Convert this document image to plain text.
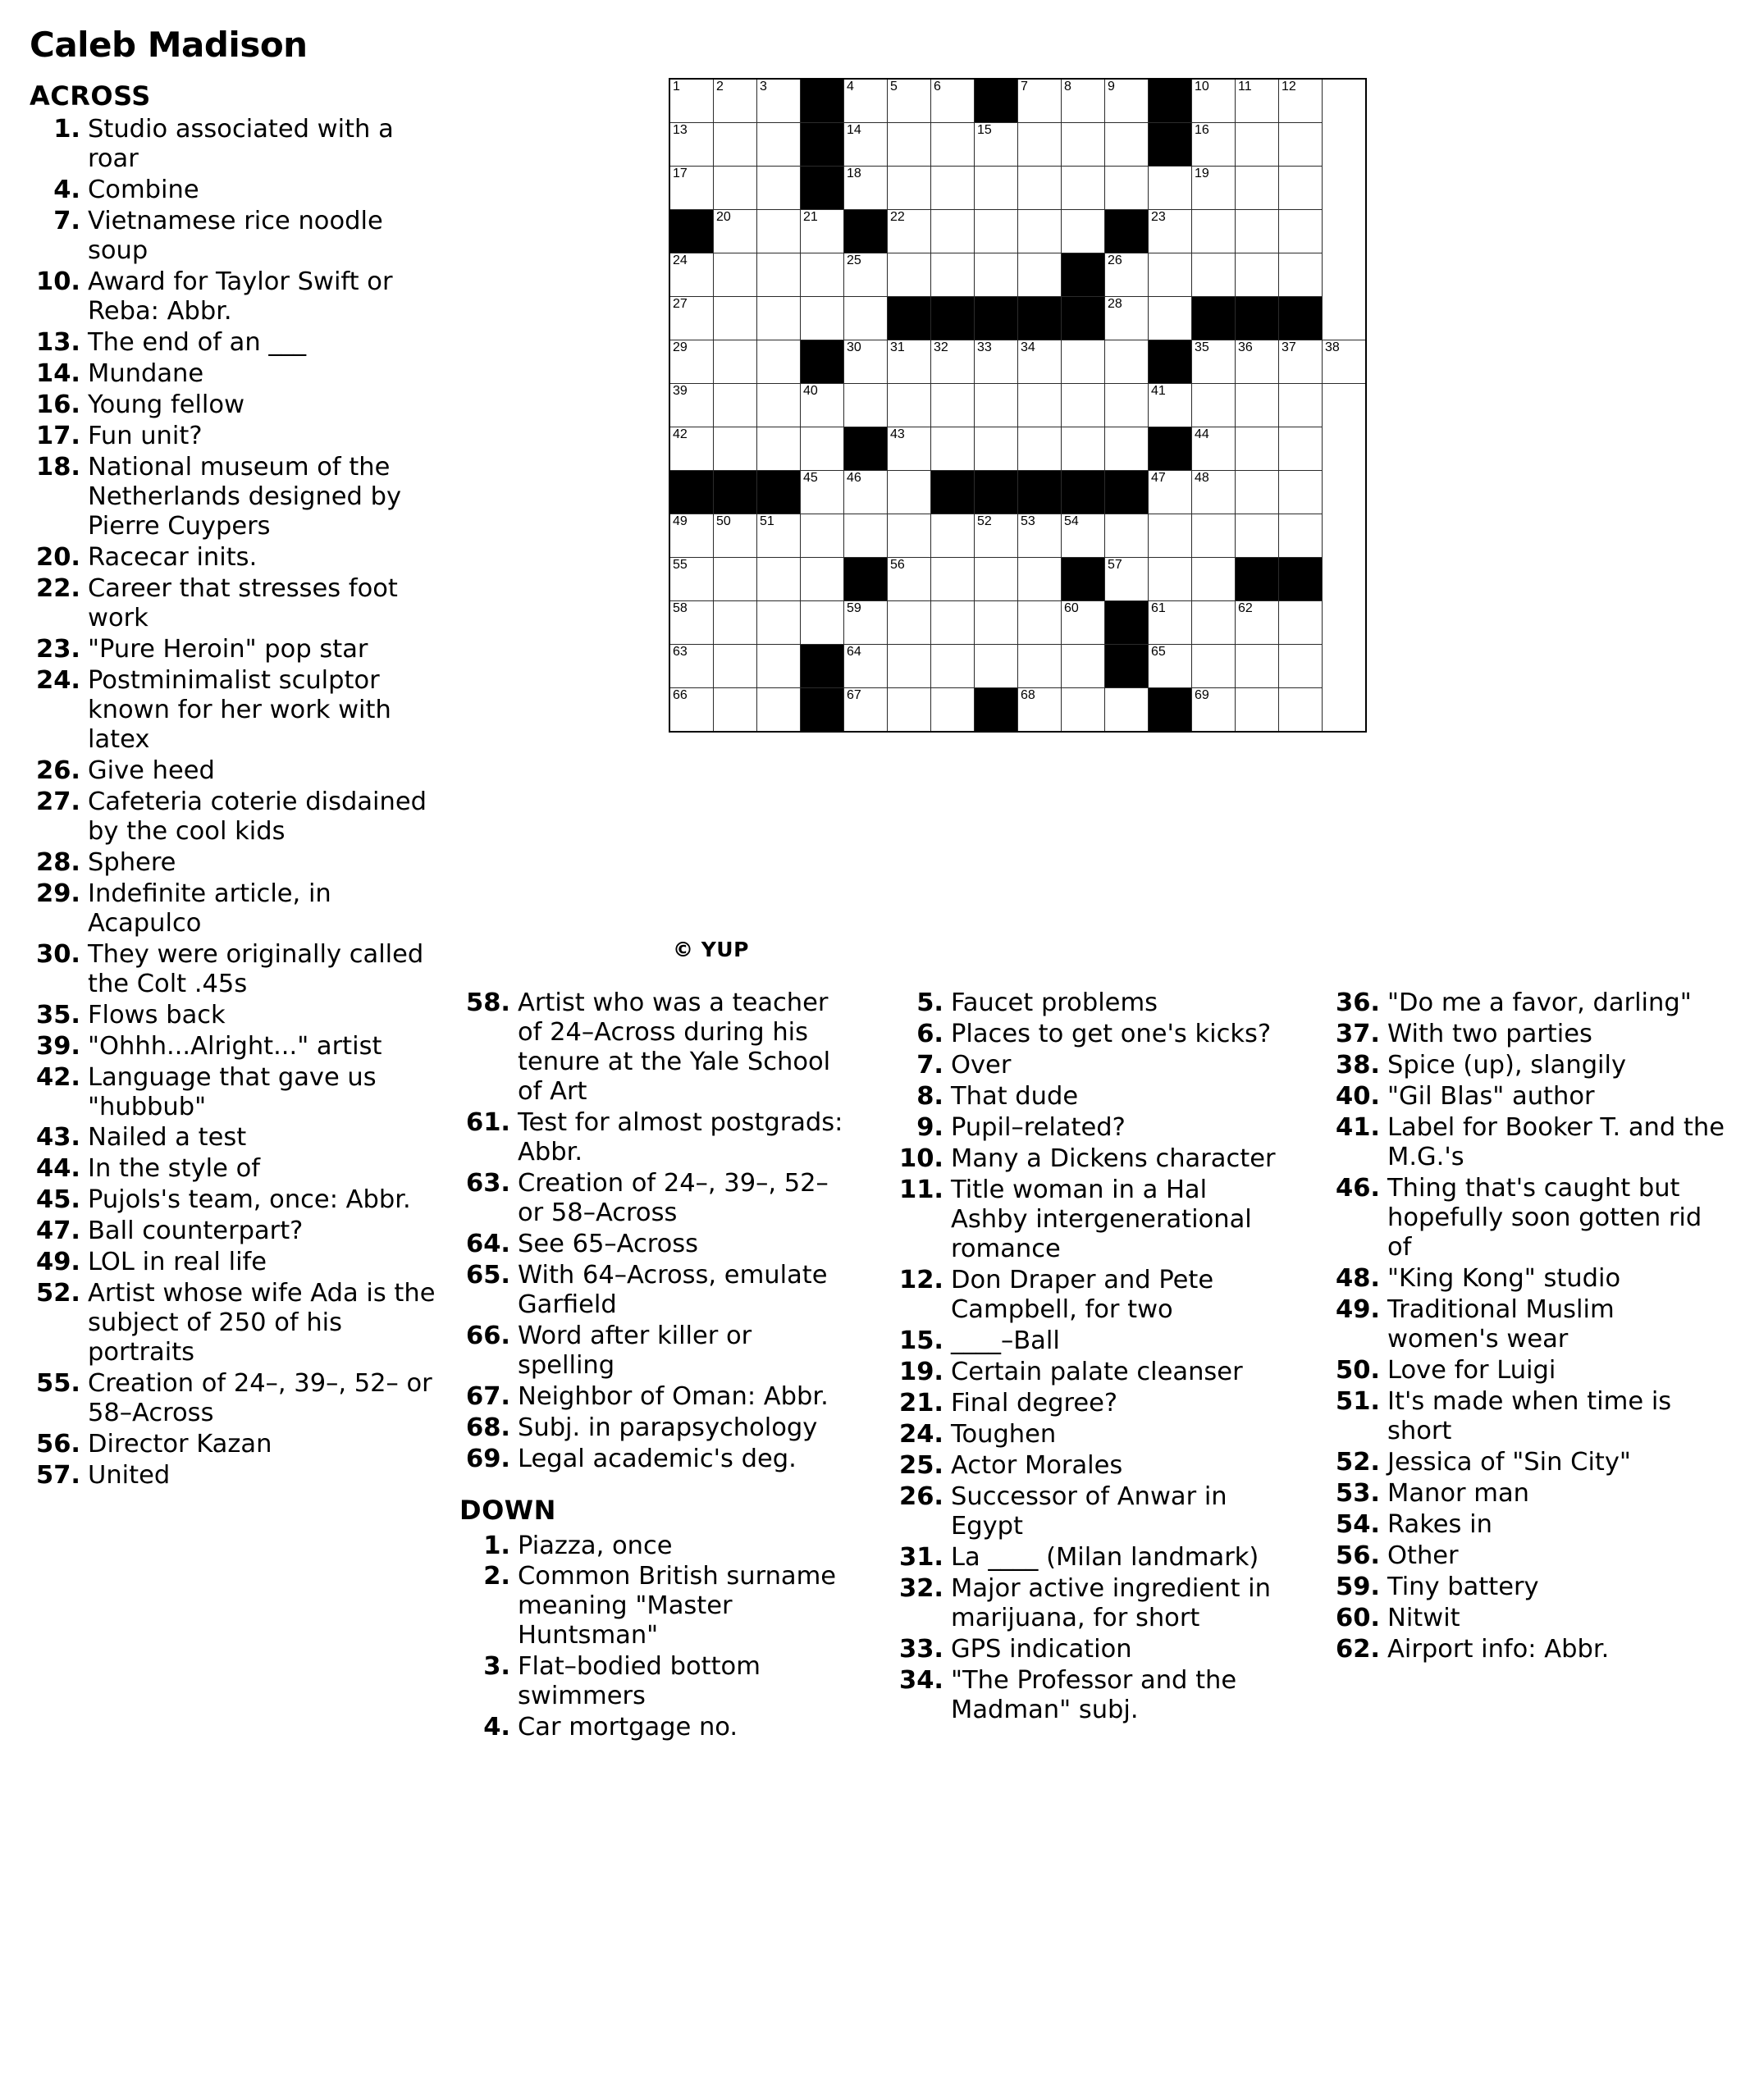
Caleb Madison
ACROSS	1	2	3		4	5	6		7	8	9		10	11	12	

13				14			15					16			

17				18								19			

	20		21		22						23				

24				25						26					

27										28					

29				30	31	32	33	34				35	36	37	38

39			40								41				

42					43							44			

			45	46							47	48			

49	50	51					52	53	54						

55					56					57					

58				59					60		61		62		

63				64							65				

66				67				68				69			

© YUP
1. Studio associated with a roar
4. Combine
7. Vietnamese rice noodle soup
10. Award for Taylor Swift or Reba: Abbr.
13. The end of an ___
14. Mundane
16. Young fellow
17. Fun unit?
18. National museum of the Netherlands designed by Pierre Cuypers
20. Racecar inits.
22. Career that stresses foot work
23. "Pure Heroin" pop star
24. Postminimalist sculptor known for her work with latex
26. Give heed
27. Cafeteria coterie disdained by the cool kids
28. Sphere
29. Indefinite article, in Acapulco
30. They were originally called the Colt .45s
35. Flows back
39. "Ohhh...Alright..." artist
42. Language that gave us "hubbub"
43. Nailed a test
44. In the style of
45. Pujols's team, once: Abbr.
47. Ball counterpart?
49. LOL in real life
52. Artist whose wife Ada is the subject of 250 of his portraits
55. Creation of 24–, 39–, 52– or 58–Across
56. Director Kazan
57. United
58. Artist who was a teacher of 24–Across during his tenure at the Yale School of Art
61. Test for almost postgrads: Abbr.
63. Creation of 24–, 39–, 52– or 58–Across
64. See 65–Across
65. With 64–Across, emulate Garfield
66. Word after killer or spelling
67. Neighbor of Oman: Abbr.
68. Subj. in parapsychology
69. Legal academic's deg.
DOWN
1. Piazza, once
2. Common British surname meaning "Master Huntsman"
3. Flat–bodied bottom swimmers
4. Car mortgage no.
5. Faucet problems
6. Places to get one's kicks?
7. Over
8. That dude
9. Pupil–related?
10. Many a Dickens character
11. Title woman in a Hal Ashby intergenerational romance
12. Don Draper and Pete Campbell, for two
15. ____–Ball
19. Certain palate cleanser
21. Final degree?
24. Toughen
25. Actor Morales
26. Successor of Anwar in Egypt
31. La ____ (Milan landmark)
32. Major active ingredient in marijuana, for short
33. GPS indication
34. "The Professor and the Madman" subj.
36. "Do me a favor, darling"
37. With two parties
38. Spice (up), slangily
40. "Gil Blas" author
41. Label for Booker T. and the M.G.'s
46. Thing that's caught but hopefully soon gotten rid of
48. "King Kong" studio
49. Traditional Muslim women's wear
50. Love for Luigi
51. It's made when time is short
52. Jessica of "Sin City"
53. Manor man
54. Rakes in
56. Other
59. Tiny battery
60. Nitwit
62. Airport info: Abbr.
